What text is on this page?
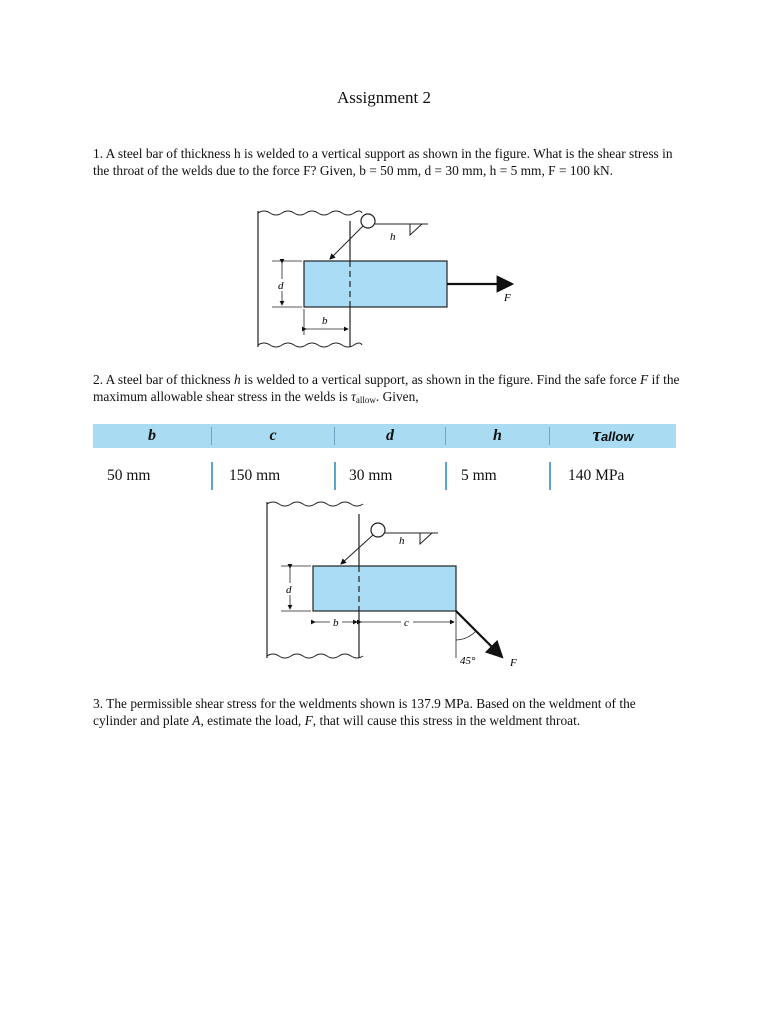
Assignment 2
1. A steel bar of thickness h is welded to a vertical support as shown in the figure. What is the shear stress in the throat of the welds due to the force F? Given, b = 50 mm, d = 30 mm, h = 5 mm, F = 100 kN.
F
h
d
b
2. A steel bar of thickness h is welded to a vertical support, as shown in the figure. Find the safe force F if the maximum allowable shear stress in the welds is $\tau_{allow}$. Given,
b	c	d	h	τallow
50 mm	150 mm	30 mm	5 mm	140 MPa
h
d
b	c
45°	F
3. The permissible shear stress for the weldments shown is 137.9 MPa. Based on the weldment of the cylinder and plate A, estimate the load, F, that will cause this stress in the weldment throat.
